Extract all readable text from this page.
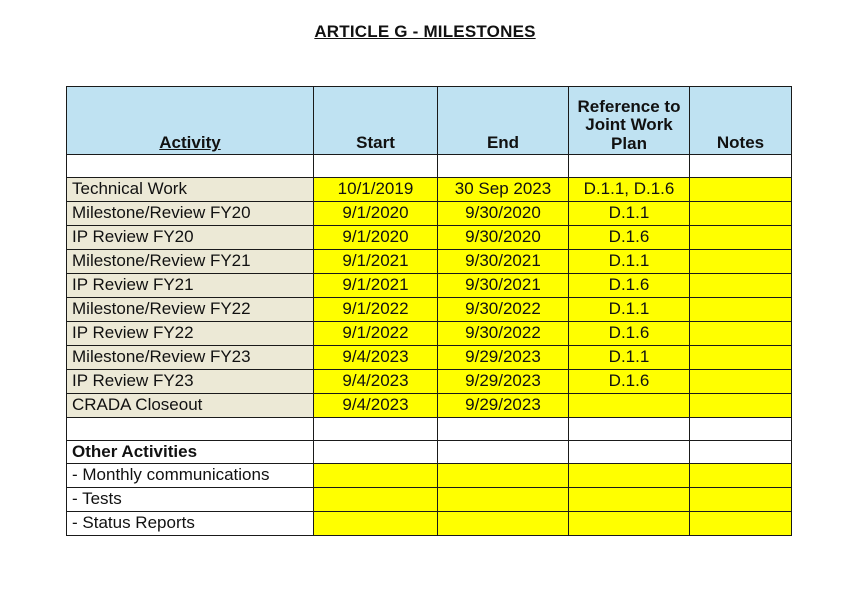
ARTICLE G - MILESTONES
Activity	Start	End	Reference to Joint Work Plan	Notes

Technical Work	10/1/2019	30 Sep 2023	D.1.1, D.1.6	
Milestone/Review FY20	9/1/2020	9/30/2020	D.1.1	
IP Review FY20	9/1/2020	9/30/2020	D.1.6	
Milestone/Review FY21	9/1/2021	9/30/2021	D.1.1	
IP Review FY21	9/1/2021	9/30/2021	D.1.6	
Milestone/Review FY22	9/1/2022	9/30/2022	D.1.1	
IP Review FY22	9/1/2022	9/30/2022	D.1.6	
Milestone/Review FY23	9/4/2023	9/29/2023	D.1.1	
IP Review FY23	9/4/2023	9/29/2023	D.1.6	
CRADA Closeout	9/4/2023	9/29/2023		

Other Activities				
- Monthly communications				
- Tests				
- Status Reports				
